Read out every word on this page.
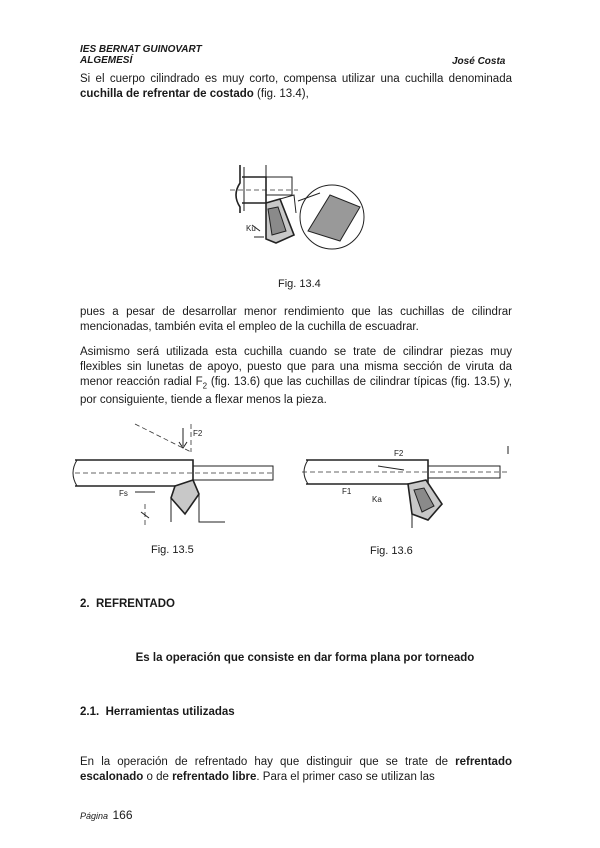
IES BERNAT GUINOVART
ALGEMESÍ	José Costa
Si el cuerpo cilindrado es muy corto, compensa utilizar una cuchilla denominada cuchilla de refrentar de costado (fig. 13.4),
Ku
Fig. 13.4
pues a pesar de desarrollar menor rendimiento que las cuchillas de cilindrar mencionadas, también evita el empleo de la cuchilla de escuadrar.
Asimismo será utilizada esta cuchilla cuando se trate de cilindrar piezas muy flexibles sin lunetas de apoyo, puesto que para una misma sección de viruta da menor reacción radial $F_2$ (fig. 13.6) que las cuchillas de cilindrar típicas (fig. 13.5) y, por consiguiente, tiende a flexar menos la pieza.
F2
Fs
Fig. 13.5
F2
F1
Ka
Fig. 13.6
2. REFRENTADO
Es la operación que consiste en dar forma plana por torneado
2.1. Herramientas utilizadas
En la operación de refrentado hay que distinguir que se trate de refrentado escalonado o de refrentado libre. Para el primer caso se utilizan las
Página 166
